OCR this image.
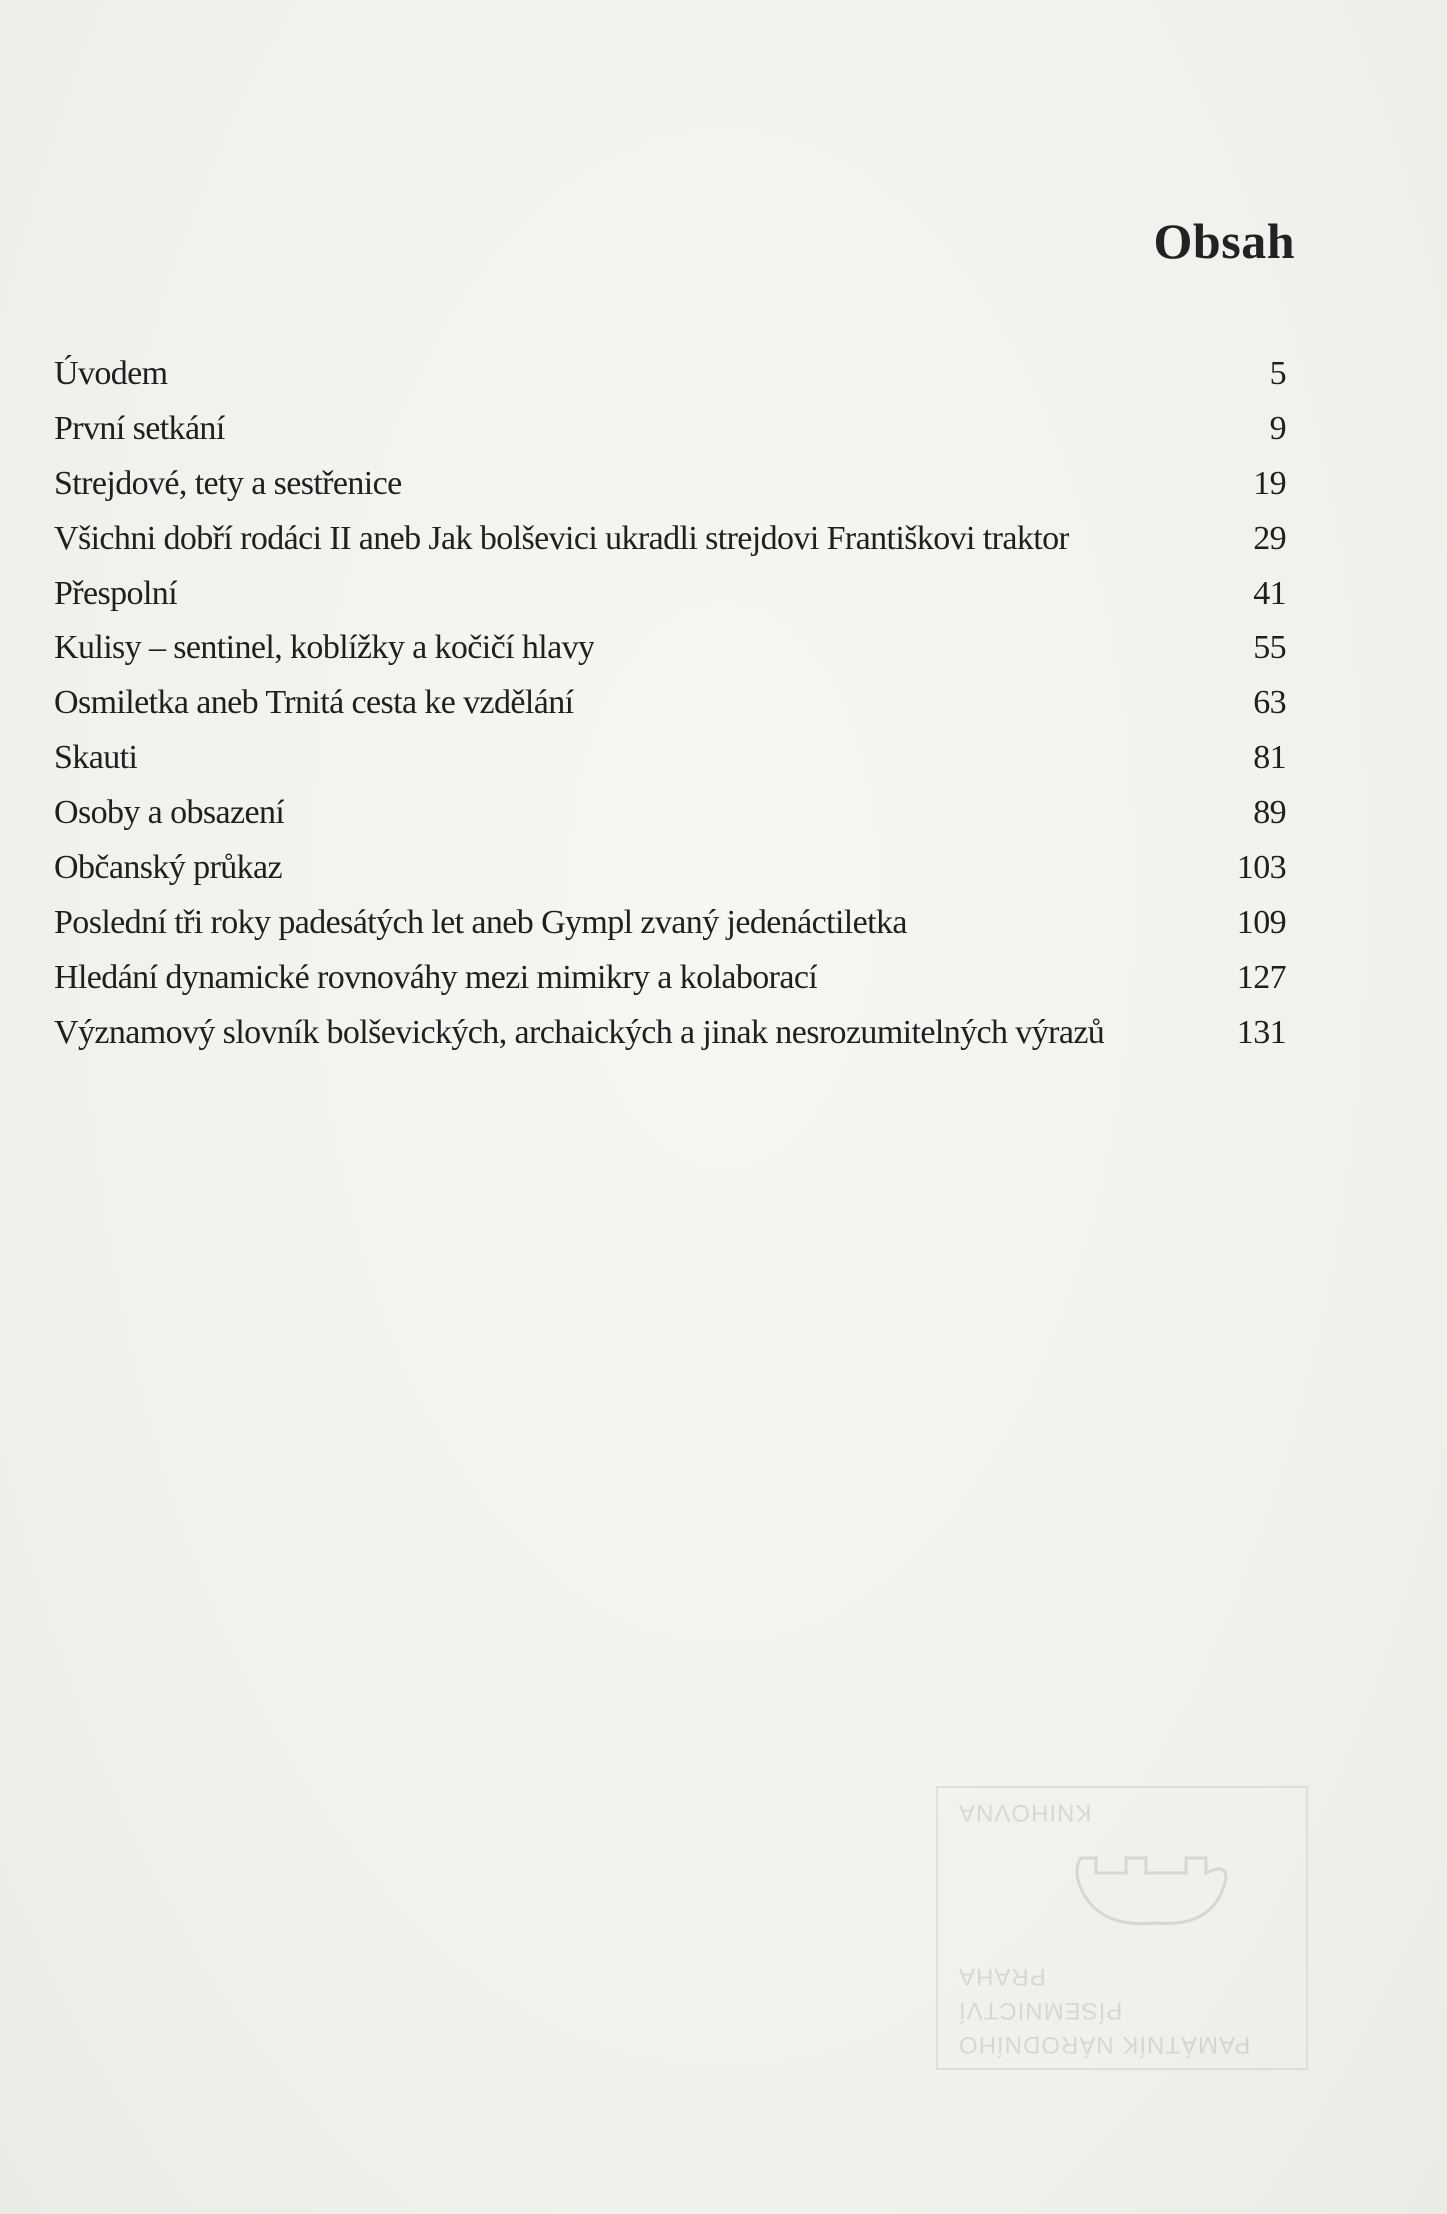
Obsah
Úvodem	5
První setkání	9
Strejdové, tety a sestřenice	19
Všichni dobří rodáci II aneb Jak bolševici ukradli strejdovi Františkovi traktor	29
Přespolní	41
Kulisy – sentinel, koblížky a kočičí hlavy	55
Osmiletka aneb Trnitá cesta ke vzdělání	63
Skauti	81
Osoby a obsazení	89
Občanský průkaz	103
Poslední tři roky padesátých let aneb Gympl zvaný jedenáctiletka	109
Hledání dynamické rovnováhy mezi mimikry a kolaborací	127
Významový slovník bolševických, archaických a jinak nesrozumitelných výrazů	131
PAMÁTNÍK NÁRODNÍHO
PÍSEMNICTVÍ
PRAHA
KNIHOVNA
